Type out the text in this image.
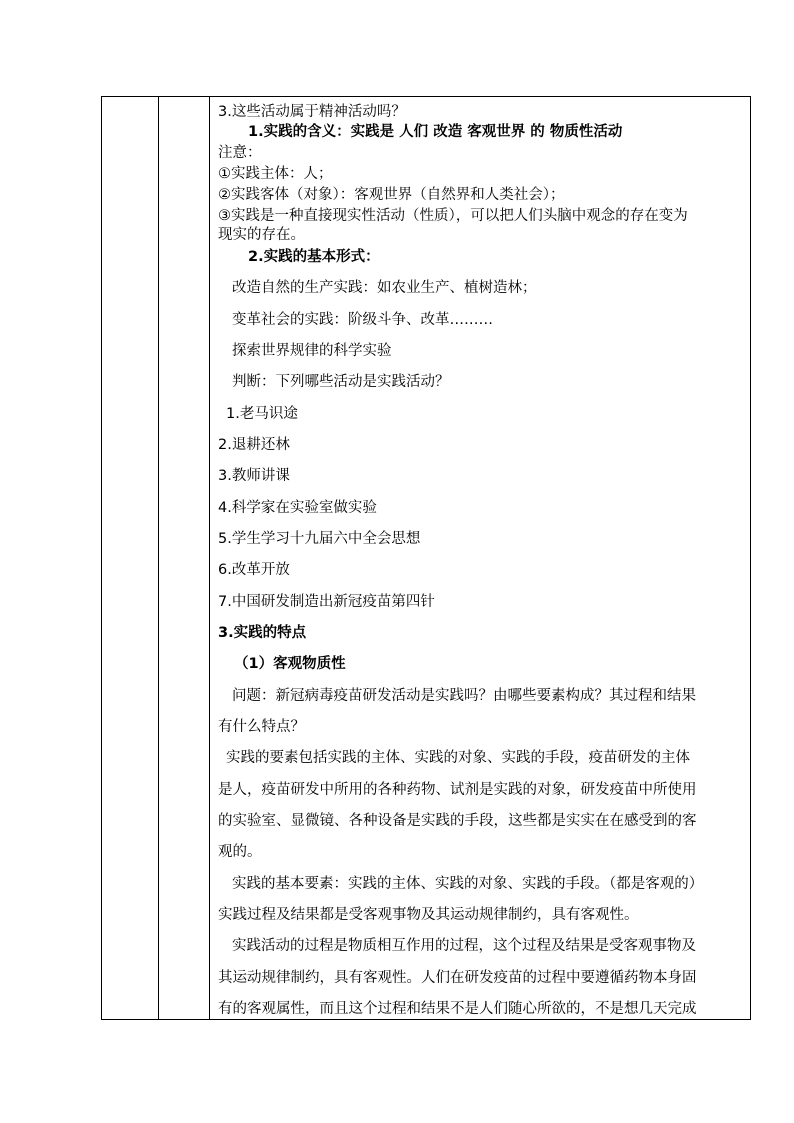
3.这些活动属于精神活动吗？
1.实践的含义：实践是 人们 改造 客观世界 的 物质性活动
注意：
①实践主体：人；
②实践客体（对象）：客观世界（自然界和人类社会）；
③实践是一种直接现实性活动（性质），可以把人们头脑中观念的存在变为
现实的存在。
2.实践的基本形式：
改造自然的生产实践：如农业生产、植树造林；
变革社会的实践：阶级斗争、改革………
探索世界规律的科学实验
判断：下列哪些活动是实践活动？
1.老马识途
2.退耕还林
3.教师讲课
4.科学家在实验室做实验
5.学生学习十九届六中全会思想
6.改革开放
7.中国研发制造出新冠疫苗第四针
3.实践的特点
（1）客观物质性
问题：新冠病毒疫苗研发活动是实践吗？由哪些要素构成？其过程和结果
有什么特点？
实践的要素包括实践的主体、实践的对象、实践的手段，疫苗研发的主体
是人，疫苗研发中所用的各种药物、试剂是实践的对象，研发疫苗中所使用
的实验室、显微镜、各种设备是实践的手段，这些都是实实在在感受到的客
观的。
实践的基本要素：实践的主体、实践的对象、实践的手段。（都是客观的）
实践过程及结果都是受客观事物及其运动规律制约，具有客观性。
实践活动的过程是物质相互作用的过程，这个过程及结果是受客观事物及
其运动规律制约，具有客观性。人们在研发疫苗的过程中要遵循药物本身固
有的客观属性，而且这个过程和结果不是人们随心所欲的，不是想几天完成
